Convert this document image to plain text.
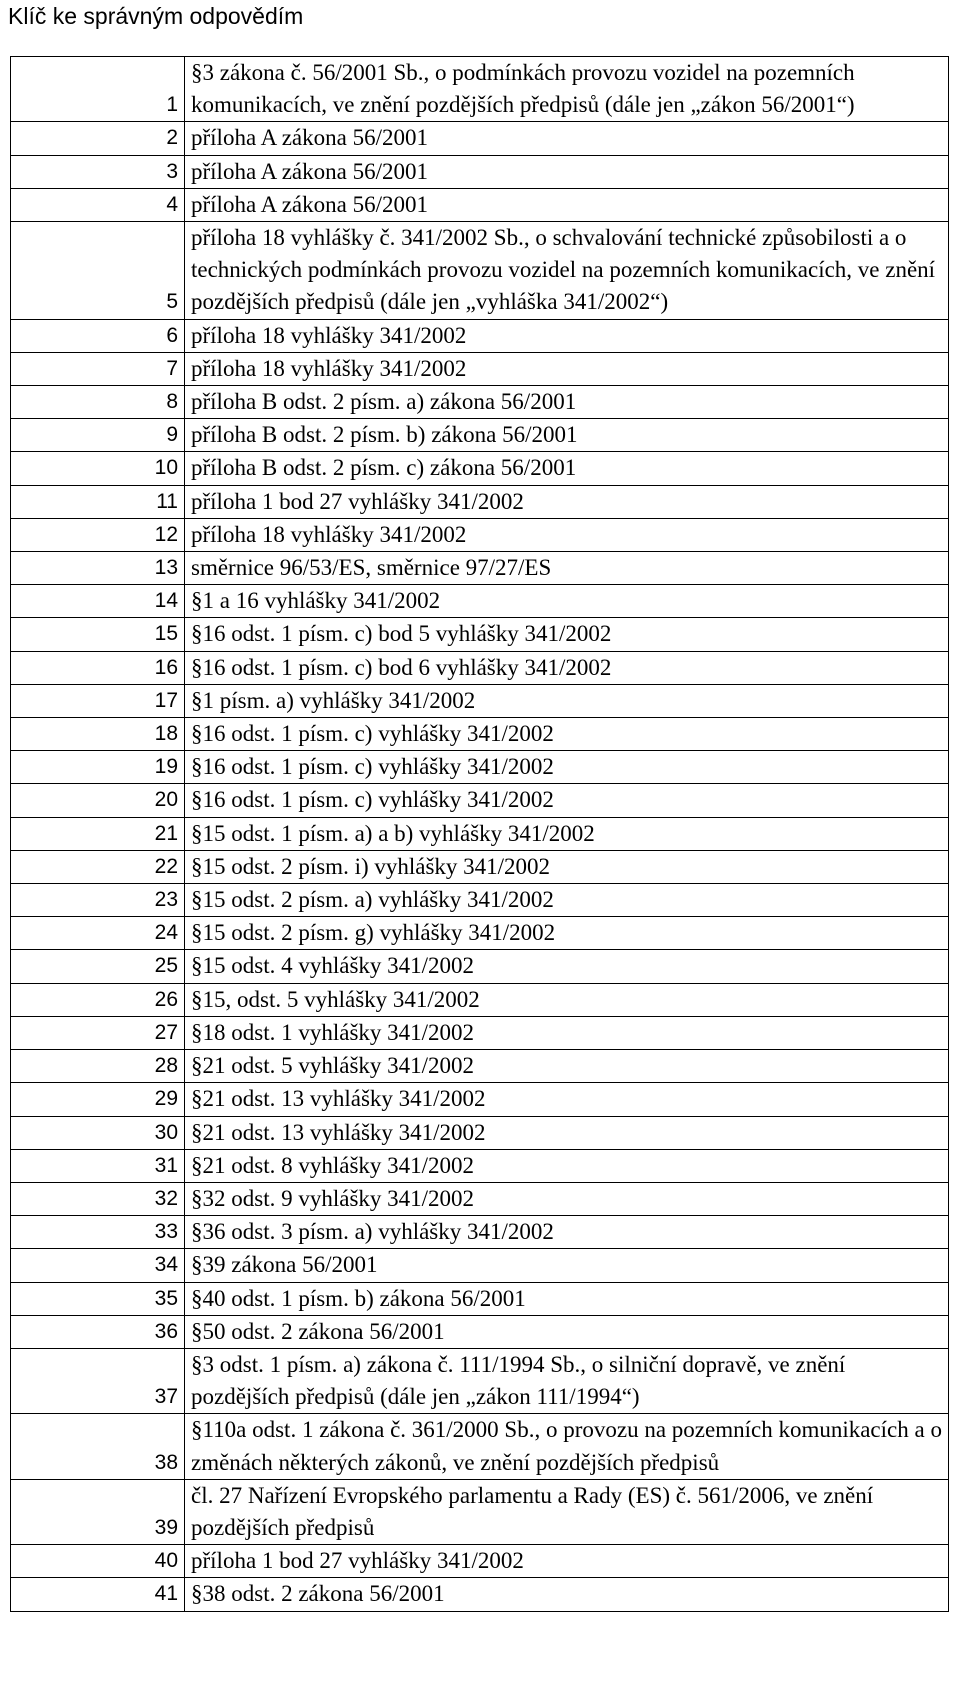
Klíč ke správným odpovědím
1	§3 zákona č. 56/2001 Sb., o podmínkách provozu vozidel na pozemních komunikacích, ve znění pozdějších předpisů (dále jen „zákon 56/2001“)
2	příloha A zákona 56/2001
3	příloha A zákona 56/2001
4	příloha A zákona 56/2001
5	příloha 18 vyhlášky č. 341/2002 Sb., o schvalování technické způsobilosti a o technických podmínkách provozu vozidel na pozemních komunikacích, ve znění pozdějších předpisů (dále jen „vyhláška 341/2002“)
6	příloha 18 vyhlášky 341/2002
7	příloha 18 vyhlášky 341/2002
8	příloha B odst. 2 písm. a) zákona 56/2001
9	příloha B odst. 2 písm. b) zákona 56/2001
10	příloha B odst. 2 písm. c) zákona 56/2001
11	příloha 1 bod 27 vyhlášky 341/2002
12	příloha 18 vyhlášky 341/2002
13	směrnice 96/53/ES, směrnice 97/27/ES
14	§1 a 16 vyhlášky 341/2002
15	§16 odst. 1 písm. c) bod 5 vyhlášky 341/2002
16	§16 odst. 1 písm. c) bod 6 vyhlášky 341/2002
17	§1 písm. a) vyhlášky 341/2002
18	§16 odst. 1 písm. c) vyhlášky 341/2002
19	§16 odst. 1 písm. c) vyhlášky 341/2002
20	§16 odst. 1 písm. c) vyhlášky 341/2002
21	§15 odst. 1 písm. a) a b) vyhlášky 341/2002
22	§15 odst. 2 písm. i) vyhlášky 341/2002
23	§15 odst. 2 písm. a) vyhlášky 341/2002
24	§15 odst. 2 písm. g) vyhlášky 341/2002
25	§15 odst. 4 vyhlášky 341/2002
26	§15, odst. 5 vyhlášky 341/2002
27	§18 odst. 1 vyhlášky 341/2002
28	§21 odst. 5 vyhlášky 341/2002
29	§21 odst. 13 vyhlášky 341/2002
30	§21 odst. 13 vyhlášky 341/2002
31	§21 odst. 8 vyhlášky 341/2002
32	§32 odst. 9 vyhlášky 341/2002
33	§36 odst. 3 písm. a) vyhlášky 341/2002
34	§39 zákona 56/2001
35	§40 odst. 1 písm. b) zákona 56/2001
36	§50 odst. 2 zákona 56/2001
37	§3 odst. 1 písm. a) zákona č. 111/1994 Sb., o silniční dopravě, ve znění pozdějších předpisů (dále jen „zákon 111/1994“)
38	§110a odst. 1 zákona č. 361/2000 Sb., o provozu na pozemních komunikacích a o změnách některých zákonů, ve znění pozdějších předpisů
39	čl. 27 Nařízení Evropského parlamentu a Rady (ES) č. 561/2006, ve znění pozdějších předpisů
40	příloha 1 bod 27 vyhlášky 341/2002
41	§38 odst. 2 zákona 56/2001
